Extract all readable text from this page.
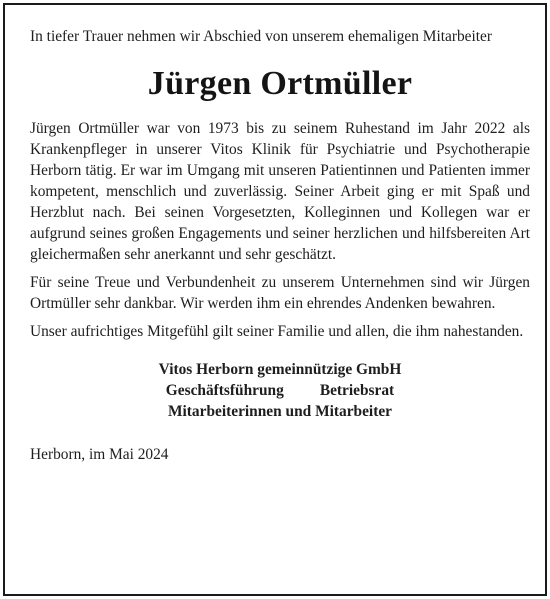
In tiefer Trauer nehmen wir Abschied von unserem ehemaligen Mitarbeiter

Jürgen Ortmüller

Jürgen Ortmüller war von 1973 bis zu seinem Ruhestand im Jahr 2022 als Krankenpfleger in unserer Vitos Klinik für Psychiatrie und Psychotherapie Herborn tätig. Er war im Umgang mit unseren Patientinnen und Patienten immer kompetent, menschlich und zuverlässig. Seiner Arbeit ging er mit Spaß und Herzblut nach. Bei seinen Vorgesetzten, Kolleginnen und Kollegen war er aufgrund seines großen Engagements und seiner herzlichen und hilfsbereiten Art gleichermaßen sehr anerkannt und sehr geschätzt.

Für seine Treue und Verbundenheit zu unserem Unternehmen sind wir Jürgen Ortmüller sehr dankbar. Wir werden ihm ein ehrendes Andenken bewahren.

Unser aufrichtiges Mitgefühl gilt seiner Familie und allen, die ihm nahestanden.

Vitos Herborn gemeinnützige GmbH
Geschäftsführung Betriebsrat
Mitarbeiterinnen und Mitarbeiter
Herborn, im Mai 2024
